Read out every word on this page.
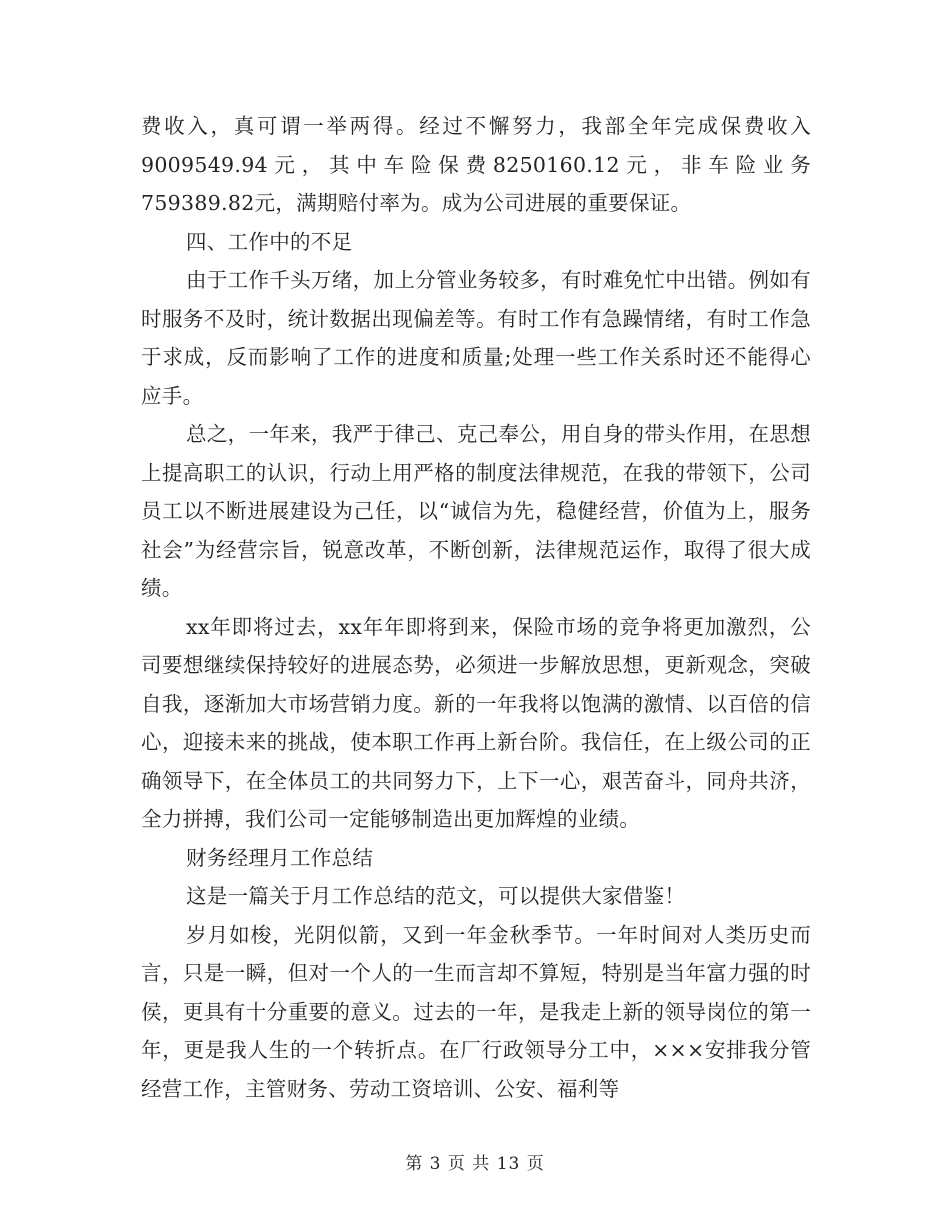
费收入，真可谓一举两得。经过不懈努力，我部全年完成保费收入9009549.94元，其中车险保费8250160.12元，非车险业务759389.82元，满期赔付率为。成为公司进展的重要保证。

四、工作中的不足

由于工作千头万绪，加上分管业务较多，有时难免忙中出错。例如有时服务不及时，统计数据出现偏差等。有时工作有急躁情绪，有时工作急于求成，反而影响了工作的进度和质量;处理一些工作关系时还不能得心应手。

总之，一年来，我严于律己、克己奉公，用自身的带头作用，在思想上提高职工的认识，行动上用严格的制度法律规范，在我的带领下，公司员工以不断进展建设为己任，以“诚信为先，稳健经营，价值为上，服务社会”为经营宗旨，锐意改革，不断创新，法律规范运作，取得了很大成绩。

xx年即将过去，xx年年即将到来，保险市场的竞争将更加激烈，公司要想继续保持较好的进展态势，必须进一步解放思想，更新观念，突破自我，逐渐加大市场营销力度。新的一年我将以饱满的激情、以百倍的信心，迎接未来的挑战，使本职工作再上新台阶。我信任，在上级公司的正确领导下，在全体员工的共同努力下，上下一心，艰苦奋斗，同舟共济，全力拼搏，我们公司一定能够制造出更加辉煌的业绩。

财务经理月工作总结

这是一篇关于月工作总结的范文，可以提供大家借鉴！

岁月如梭，光阴似箭，又到一年金秋季节。一年时间对人类历史而言，只是一瞬，但对一个人的一生而言却不算短，特别是当年富力强的时侯，更具有十分重要的意义。过去的一年，是我走上新的领导岗位的第一年，更是我人生的一个转折点。在厂行政领导分工中，×××安排我分管经营工作，主管财务、劳动工资培训、公安、福利等

第 3 页 共 13 页
